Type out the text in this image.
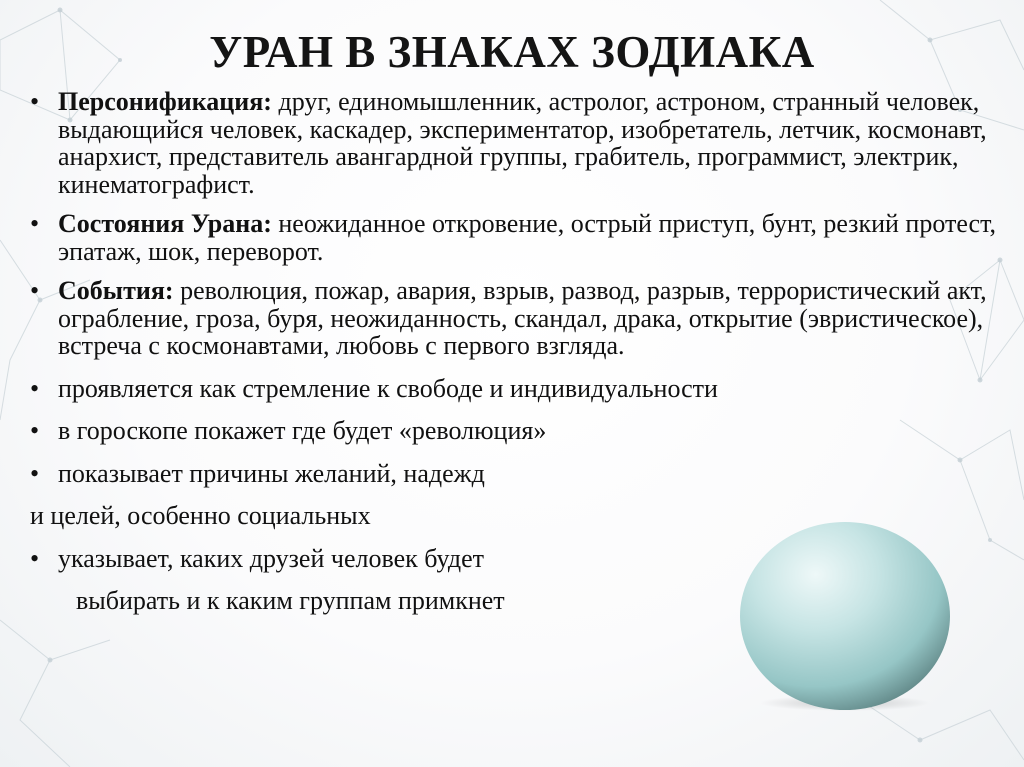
УРАН В ЗНАКАХ ЗОДИАКА
• Персонификация: друг, единомышленник, астролог, астроном, странный человек, выдающийся человек, каскадер, экспериментатор, изобретатель, летчик, космонавт, анархист, представитель авангардной группы, грабитель, программист, электрик, кинематографист.
• Состояния Урана: неожиданное откровение, острый приступ, бунт, резкий протест, эпатаж, шок, переворот.
• События: революция, пожар, авария, взрыв, развод, разрыв, террористический акт, ограбление, гроза, буря, неожиданность, скандал, драка, открытие (эвристическое), встреча с космонавтами, любовь с первого взгляда.
• проявляется как стремление к свободе и индивидуальности
• в гороскопе покажет где будет «революция»
• показывает причины желаний, надежд
и целей, особенно социальных
• указывает, каких друзей человек будет
выбирать и к каким группам примкнет
